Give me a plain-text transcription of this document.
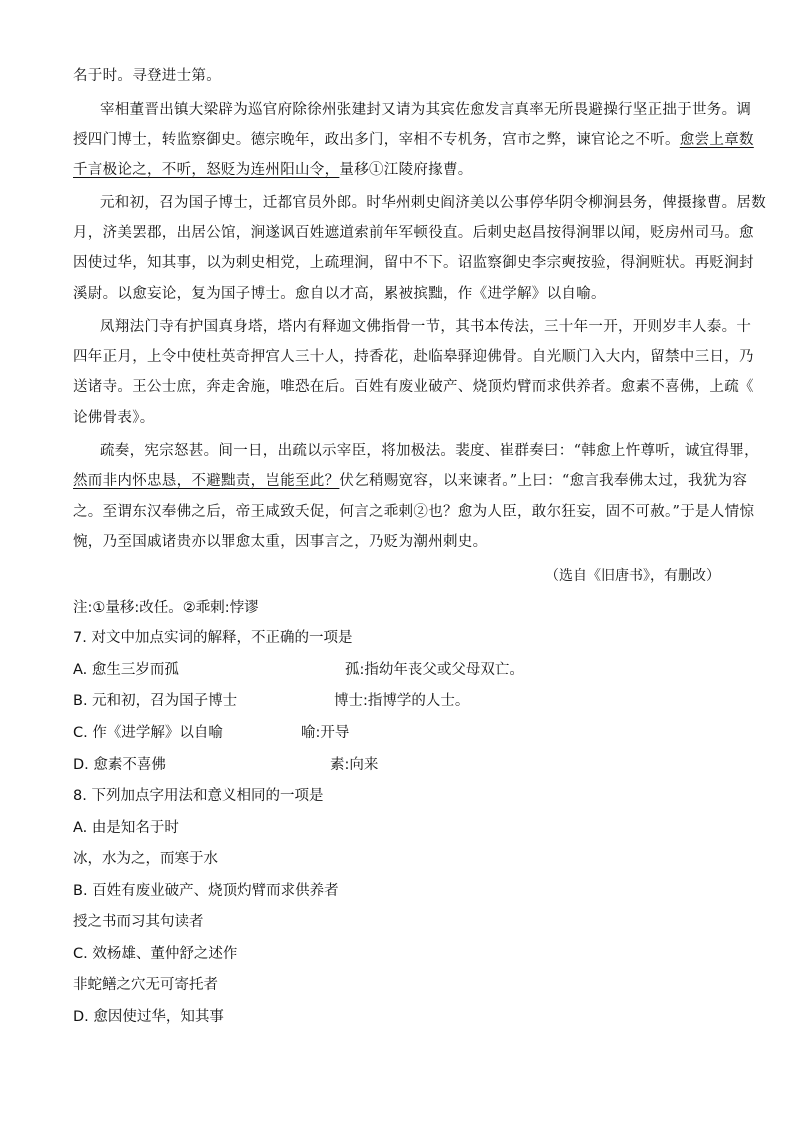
名于时。寻登进士第。
宰相董晋出镇大梁辟为巡官府除徐州张建封又请为其宾佐愈发言真率无所畏避操行坚正拙于世务。调
授四门博士，转监察御史。德宗晚年，政出多门，宰相不专机务，宫市之弊，谏官论之不听。愈尝上章数
千言极论之，不听，怒贬为连州阳山令，量移①江陵府掾曹。
元和初，召为国子博士，迁都官员外郎。时华州刺史阎济美以公事停华阴令柳涧县务，俾摄掾曹。居数
月，济美罢郡，出居公馆，涧遂讽百姓遮道索前年军顿役直。后刺史赵昌按得涧罪以闻，贬房州司马。愈
因使过华，知其事，以为刺史相党，上疏理涧，留中不下。诏监察御史李宗奭按验，得涧赃状。再贬涧封
溪尉。以愈妄论，复为国子博士。愈自以才高，累被摈黜，作《进学解》以自喻。
凤翔法门寺有护国真身塔，塔内有释迦文佛指骨一节，其书本传法，三十年一开，开则岁丰人泰。十
四年正月，上令中使杜英奇押宫人三十人，持香花，赴临皋驿迎佛骨。自光顺门入大内，留禁中三日，乃
送诸寺。王公士庶，奔走舍施，唯恐在后。百姓有废业破产、烧顶灼臂而求供养者。愈素不喜佛，上疏《
论佛骨表》。
疏奏，宪宗怒甚。间一日，出疏以示宰臣，将加极法。裴度、崔群奏曰：“韩愈上忤尊听，诚宜得罪，
然而非内怀忠恳，不避黜责，岂能至此？伏乞稍赐宽容，以来谏者。”上曰：“愈言我奉佛太过，我犹为容
之。至谓东汉奉佛之后，帝王咸致夭促，何言之乖剌②也？愈为人臣，敢尔狂妄，固不可赦。”于是人情惊
惋，乃至国戚诸贵亦以罪愈太重，因事言之，乃贬为潮州刺史。
（选自《旧唐书》，有删改）
注:①量移:改任。②乖剌:悖谬
7. 对文中加点实词的解释，不正确的一项是
A. 愈生三岁而孤	孤:指幼年丧父或父母双亡。
B. 元和初，召为国子博士	博士:指博学的人士。
C. 作《进学解》以自喻	喻:开导
D. 愈素不喜佛	素:向来
8. 下列加点字用法和意义相同的一项是
A. 由是知名于时
冰，水为之，而寒于水
B. 百姓有废业破产、烧顶灼臂而求供养者
授之书而习其句读者
C. 效杨雄、董仲舒之述作
非蛇鳝之穴无可寄托者
D. 愈因使过华，知其事
